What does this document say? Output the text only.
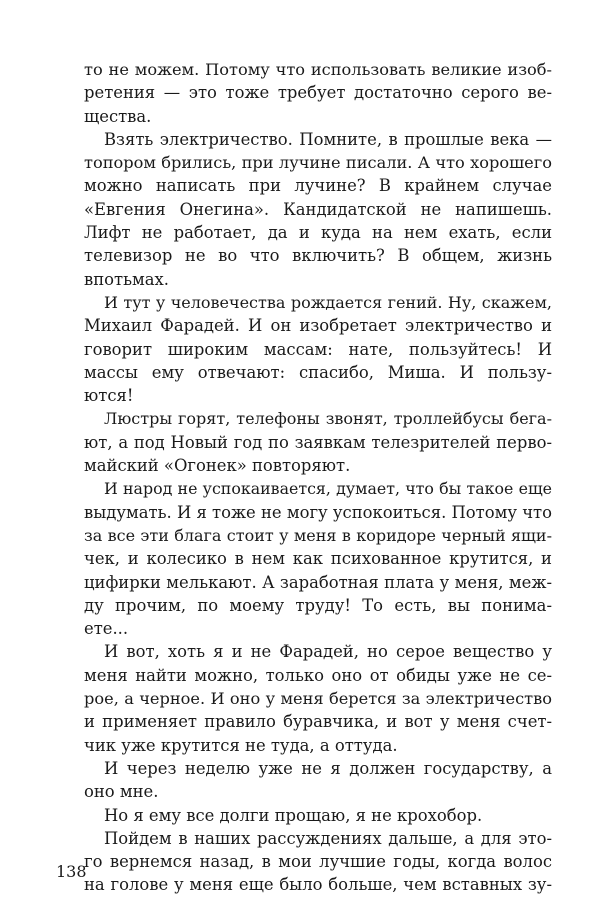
то не можем. Потому что использовать великие изоб-
ретения — это тоже требует достаточно серого ве-
щества.
Взять электричество. Помните, в прошлые века —
топором брились, при лучине писали. А что хорошего
можно написать при лучине? В крайнем случае
«Евгения Онегина». Кандидатской не напишешь.
Лифт не работает, да и куда на нем ехать, если
телевизор не во что включить? В общем, жизнь
впотьмах.
И тут у человечества рождается гений. Ну, скажем,
Михаил Фарадей. И он изобретает электричество и
говорит широким массам: нате, пользуйтесь! И
массы ему отвечают: спасибо, Миша. И пользу-
ются!
Люстры горят, телефоны звонят, троллейбусы бега-
ют, а под Новый год по заявкам телезрителей перво-
майский «Огонек» повторяют.
И народ не успокаивается, думает, что бы такое еще
выдумать. И я тоже не могу успокоиться. Потому что
за все эти блага стоит у меня в коридоре черный ящи-
чек, и колесико в нем как психованное крутится, и
цифирки мелькают. А заработная плата у меня, меж-
ду прочим, по моему труду! То есть, вы понима-
ете...
И вот, хоть я и не Фарадей, но серое вещество у
меня найти можно, только оно от обиды уже не се-
рое, а черное. И оно у меня берется за электричество
и применяет правило буравчика, и вот у меня счет-
чик уже крутится не туда, а оттуда.
И через неделю уже не я должен государству, а
оно мне.
Но я ему все долги прощаю, я не крохобор.
Пойдем в наших рассуждениях дальше, а для это-
го вернемся назад, в мои лучшие годы, когда волос
на голове у меня еще было больше, чем вставных зу-
138
